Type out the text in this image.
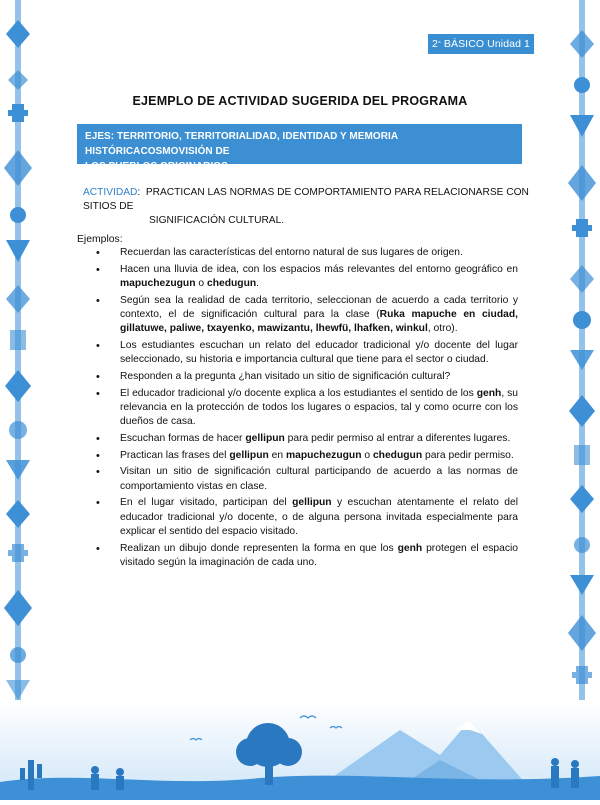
2 ° BÁSICO Unidad 1
EJEMPLO DE ACTIVIDAD SUGERIDA DEL PROGRAMA
EJES: TERRITORIO, TERRITORIALIDAD, IDENTIDAD Y MEMORIA HISTÓRICACOSMOVISIÓN DE
LOS PUEBLOS ORIGINARIOS
ACTIVIDAD:  PRACTICAN LAS NORMAS DE COMPORTAMIENTO PARA RELACIONARSE CON SITIOS DE
SIGNIFICACIÓN CULTURAL.
Ejemplos:
• Recuerdan las características del entorno natural de sus lugares de origen.
• Hacen una lluvia de idea, con los espacios más relevantes del entorno geográfico en mapuchezugun o chedugun.
• Según sea la realidad de cada territorio, seleccionan de acuerdo a cada territorio y contexto, el de significación cultural para la clase (Ruka mapuche en ciudad, gillatuwe, paliwe, txayenko, mawizantu, lhewfü, lhafken, winkul, otro).
• Los estudiantes escuchan un relato del educador tradicional y/o docente del lugar seleccionado, su historia e importancia cultural que tiene para el sector o ciudad.
• Responden a la pregunta ¿han visitado un sitio de significación cultural?
• El educador tradicional y/o docente explica a los estudiantes el sentido de los genh, su relevancia en la protección de todos los lugares o espacios, tal y como ocurre con los dueños de casa.
• Escuchan formas de hacer gellipun para pedir permiso al entrar a diferentes lugares.
• Practican las frases del gellipun en mapuchezugun o chedugun para pedir permiso.
• Visitan un sitio de significación cultural participando de acuerdo a las normas de comportamiento vistas en clase.
• En el lugar visitado, participan del gellipun y escuchan atentamente el relato del educador tradicional y/o docente, o de alguna persona invitada especialmente para explicar el sentido del espacio visitado.
• Realizan un dibujo donde representen la forma en que los genh protegen el espacio visitado según la imaginación de cada uno.
